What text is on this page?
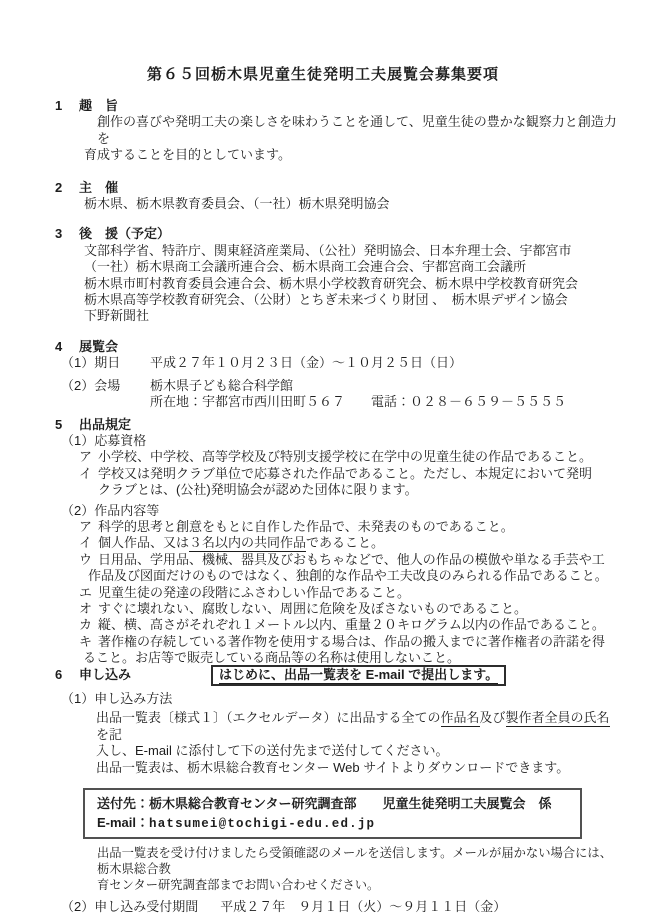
第６５回栃木県児童生徒発明工夫展覧会募集要項
1	趣　旨
創作の喜びや発明工夫の楽しさを味わうことを通して、児童生徒の豊かな観察力と創造力を
育成することを目的としています。
2	主　催
栃木県、栃木県教育委員会、（一社）栃木県発明協会
3	後　援（予定）
文部科学省、特許庁、関東経済産業局、（公社）発明協会、日本弁理士会、宇都宮市
（一社）栃木県商工会議所連合会、栃木県商工会連合会、宇都宮商工会議所
栃木県市町村教育委員会連合会、栃木県小学校教育研究会、栃木県中学校教育研究会
栃木県高等学校教育研究会、（公財）とちぎ未来づくり財団 、　栃木県デザイン協会
下野新聞社
4	展覧会
（1）期日	平成２７年１０月２３日（金）～１０月２５日（日）
（2）会場	栃木県子ども総合科学館
所在地：宇都宮市西川田町５６７ 電話：０２８－６５９－５５５５
5	出品規定
（1）応募資格
ア 小学校、中学校、高等学校及び特別支援学校に在学中の児童生徒の作品であること。
イ 学校又は発明クラブ単位で応募された作品であること。ただし、本規定において発明
クラブとは、(公社)発明協会が認めた団体に限ります。
（2）作品内容等
ア 科学的思考と創意をもとに自作した作品で、未発表のものであること。
イ 個人作品、又は３名以内の共同作品であること。
ウ 日用品、学用品、機械、器具及びおもちゃなどで、他人の作品の模倣や単なる手芸や工
作品及び図面だけのものではなく、独創的な作品や工夫改良のみられる作品であること。
エ 児童生徒の発達の段階にふさわしい作品であること。
オ すぐに壊れない、腐敗しない、周囲に危険を及ぼさないものであること。
カ 縦、横、高さがそれぞれ１メートル以内、重量２０キログラム以内の作品であること。
キ 著作権の存続している著作物を使用する場合は、作品の搬入までに著作権者の許諾を得
ること。お店等で販売している商品等の名称は使用しないこと。
6	申し込み	はじめに、出品一覧表を E-mail で提出します。
（1）申し込み方法
出品一覧表〔様式１〕（エクセルデータ）に出品する全ての作品名及び製作者全員の氏名を記
入し、E-mail に添付して下の送付先まで送付してください。
出品一覧表は、栃木県総合教育センター Web サイトよりダウンロードできます。
送付先：栃木県総合教育センター研究調査部　　児童生徒発明工夫展覧会　係
E-mail：hatsumei@tochigi-edu.ed.jp
出品一覧表を受け付けましたら受領確認のメールを送信します。メールが届かない場合には、栃木県総合教
育センター研究調査部までお問い合わせください。
（2）申し込み受付期間 平成２７年　９月１日（火）～９月１１日（金）
